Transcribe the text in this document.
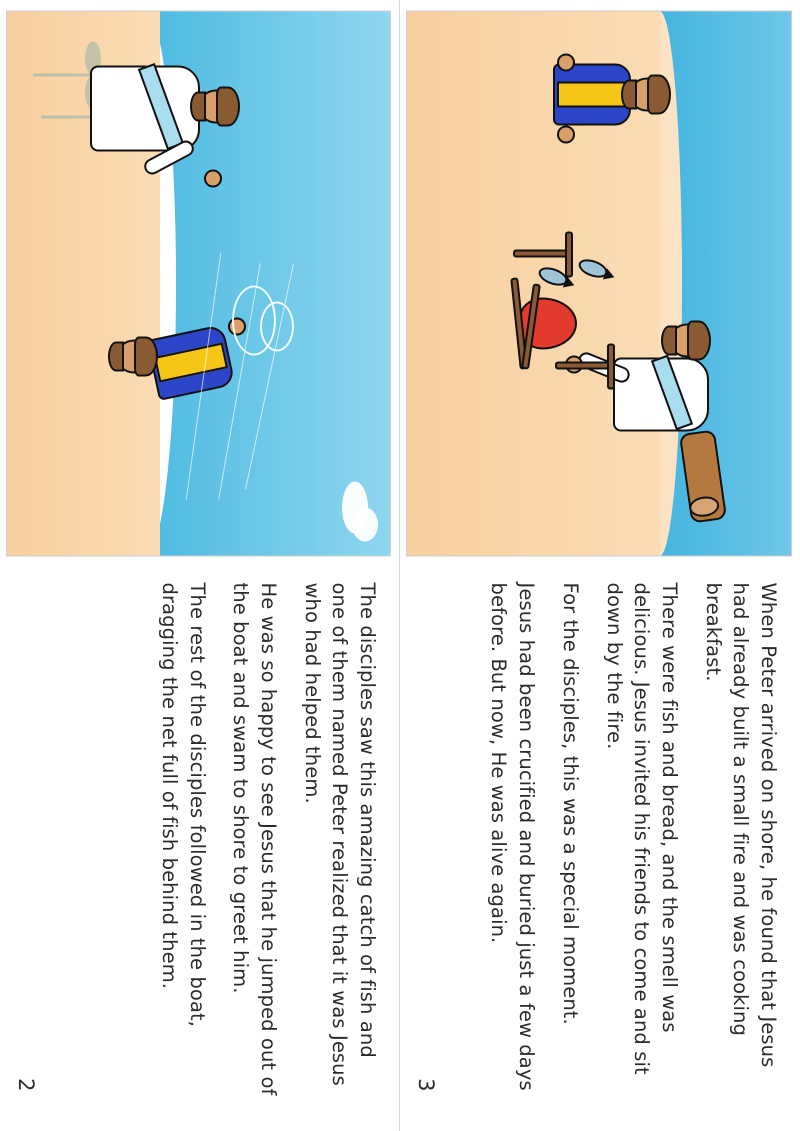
When Peter arrived on shore, he found that Jesus had already built a small fire and was cooking breakfast.

There were fish and bread, and the smell was delicious. Jesus invited his friends to come and sit down by the fire.

For the disciples, this was a special moment.

Jesus had been crucified and buried just a few days before. But now, He was alive again.

3

The disciples saw this amazing catch of fish and one of them named Peter realized that it was Jesus who had helped them.

He was so happy to see Jesus that he jumped out of the boat and swam to shore to greet him.

The rest of the disciples followed in the boat, dragging the net full of fish behind them.

2
